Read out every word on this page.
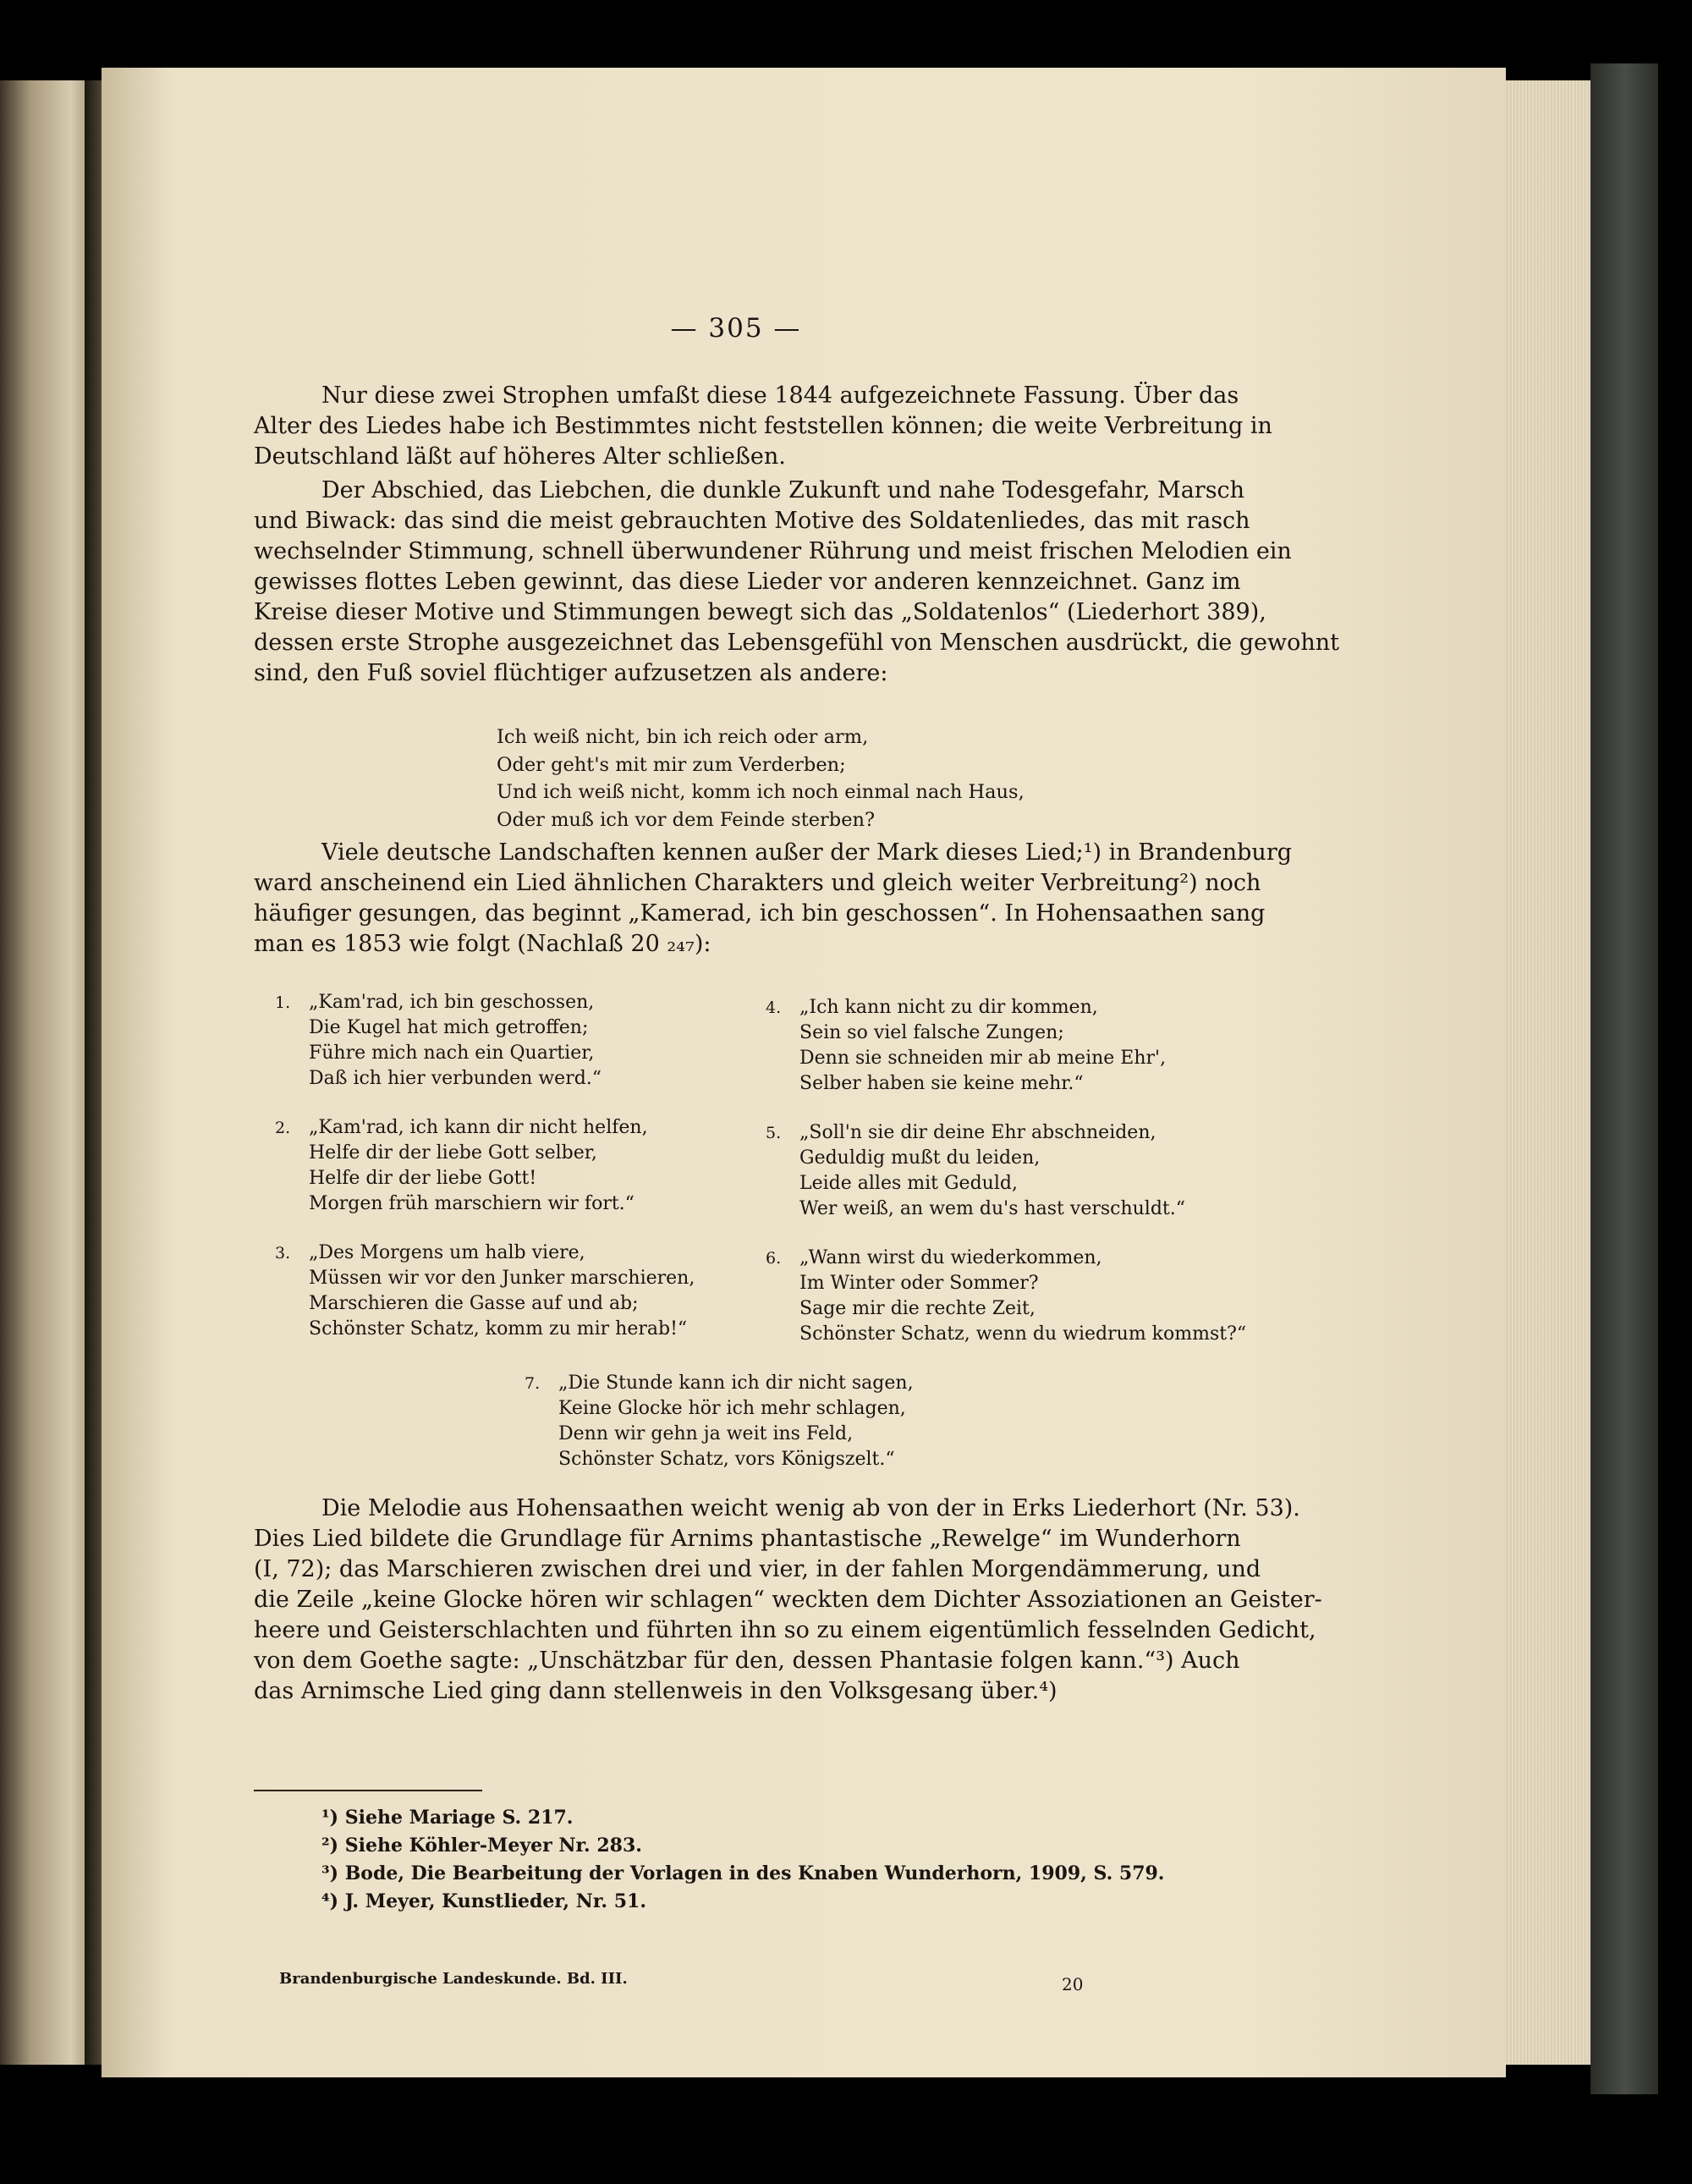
— 305 —
Nur diese zwei Strophen umfaßt diese 1844 aufgezeichnete Fassung. Über das
Alter des Liedes habe ich Bestimmtes nicht feststellen können; die weite Verbreitung in
Deutschland läßt auf höheres Alter schließen.
Der Abschied, das Liebchen, die dunkle Zukunft und nahe Todesgefahr, Marsch
und Biwack: das sind die meist gebrauchten Motive des Soldatenliedes, das mit rasch
wechselnder Stimmung, schnell überwundener Rührung und meist frischen Melodien ein
gewisses flottes Leben gewinnt, das diese Lieder vor anderen kennzeichnet. Ganz im
Kreise dieser Motive und Stimmungen bewegt sich das „Soldatenlos“ (Liederhort 389),
dessen erste Strophe ausgezeichnet das Lebensgefühl von Menschen ausdrückt, die gewohnt
sind, den Fuß soviel flüchtiger aufzusetzen als andere:
Ich weiß nicht, bin ich reich oder arm,
Oder geht's mit mir zum Verderben;
Und ich weiß nicht, komm ich noch einmal nach Haus,
Oder muß ich vor dem Feinde sterben?
Viele deutsche Landschaften kennen außer der Mark dieses Lied;¹) in Brandenburg
ward anscheinend ein Lied ähnlichen Charakters und gleich weiter Verbreitung²) noch
häufiger gesungen, das beginnt „Kamerad, ich bin geschossen“. In Hohensaathen sang
man es 1853 wie folgt (Nachlaß 20 ₂₄₇):
1. „Kam'rad, ich bin geschossen,
Die Kugel hat mich getroffen;
Führe mich nach ein Quartier,
Daß ich hier verbunden werd.“
2. „Kam'rad, ich kann dir nicht helfen,
Helfe dir der liebe Gott selber,
Helfe dir der liebe Gott!
Morgen früh marschiern wir fort.“
3. „Des Morgens um halb viere,
Müssen wir vor den Junker marschieren,
Marschieren die Gasse auf und ab;
Schönster Schatz, komm zu mir herab!“
4. „Ich kann nicht zu dir kommen,
Sein so viel falsche Zungen;
Denn sie schneiden mir ab meine Ehr',
Selber haben sie keine mehr.“
5. „Soll'n sie dir deine Ehr abschneiden,
Geduldig mußt du leiden,
Leide alles mit Geduld,
Wer weiß, an wem du's hast verschuldt.“
6. „Wann wirst du wiederkommen,
Im Winter oder Sommer?
Sage mir die rechte Zeit,
Schönster Schatz, wenn du wiedrum kommst?“
7. „Die Stunde kann ich dir nicht sagen,
Keine Glocke hör ich mehr schlagen,
Denn wir gehn ja weit ins Feld,
Schönster Schatz, vors Königszelt.“
Die Melodie aus Hohensaathen weicht wenig ab von der in Erks Liederhort (Nr. 53).
Dies Lied bildete die Grundlage für Arnims phantastische „Rewelge“ im Wunderhorn
(I, 72); das Marschieren zwischen drei und vier, in der fahlen Morgendämmerung, und
die Zeile „keine Glocke hören wir schlagen“ weckten dem Dichter Assoziationen an Geister-
heere und Geisterschlachten und führten ihn so zu einem eigentümlich fesselnden Gedicht,
von dem Goethe sagte: „Unschätzbar für den, dessen Phantasie folgen kann.“³) Auch
das Arnimsche Lied ging dann stellenweis in den Volksgesang über.⁴)
¹) Siehe Mariage S. 217.
²) Siehe Köhler-Meyer Nr. 283.
³) Bode, Die Bearbeitung der Vorlagen in des Knaben Wunderhorn, 1909, S. 579.
⁴) J. Meyer, Kunstlieder, Nr. 51.
Brandenburgische Landeskunde. Bd. III.	20
